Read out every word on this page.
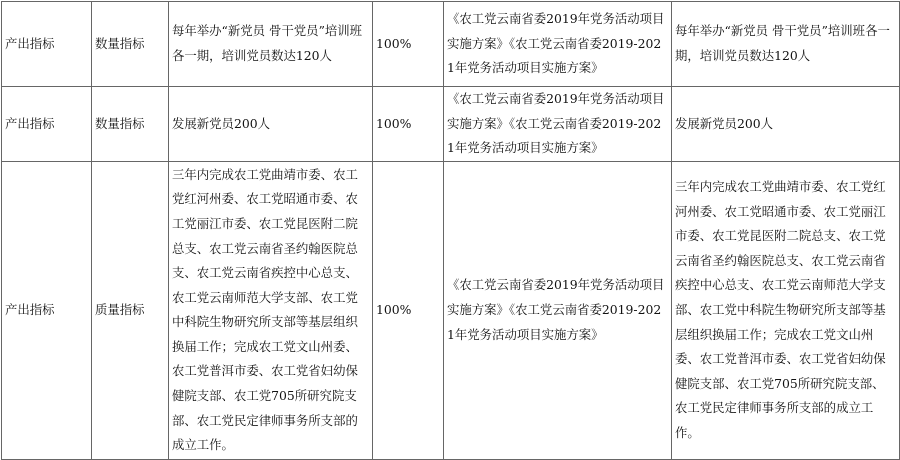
产出指标	数量指标	每年举办“新党员 骨干党员”培训班各一期，培训党员数达120人	100%	《农工党云南省委2019年党务活动项目实施方案》《农工党云南省委2019-2021年党务活动项目实施方案》	每年举办“新党员 骨干党员”培训班各一期，培训党员数达120人
产出指标	数量指标	发展新党员200人	100%	《农工党云南省委2019年党务活动项目实施方案》《农工党云南省委2019-2021年党务活动项目实施方案》	发展新党员200人
产出指标	质量指标	三年内完成农工党曲靖市委、农工党红河州委、农工党昭通市委、农工党丽江市委、农工党昆医附二院总支、农工党云南省圣约翰医院总支、农工党云南省疾控中心总支、农工党云南师范大学支部、农工党中科院生物研究所支部等基层组织换届工作；完成农工党文山州委、农工党普洱市委、农工党省妇幼保健院支部、农工党705所研究院支部、农工党民定律师事务所支部的成立工作。	100%	《农工党云南省委2019年党务活动项目实施方案》《农工党云南省委2019-2021年党务活动项目实施方案》	三年内完成农工党曲靖市委、农工党红河州委、农工党昭通市委、农工党丽江市委、农工党昆医附二院总支、农工党云南省圣约翰医院总支、农工党云南省疾控中心总支、农工党云南师范大学支部、农工党中科院生物研究所支部等基层组织换届工作；完成农工党文山州委、农工党普洱市委、农工党省妇幼保健院支部、农工党705所研究院支部、农工党民定律师事务所支部的成立工作。
